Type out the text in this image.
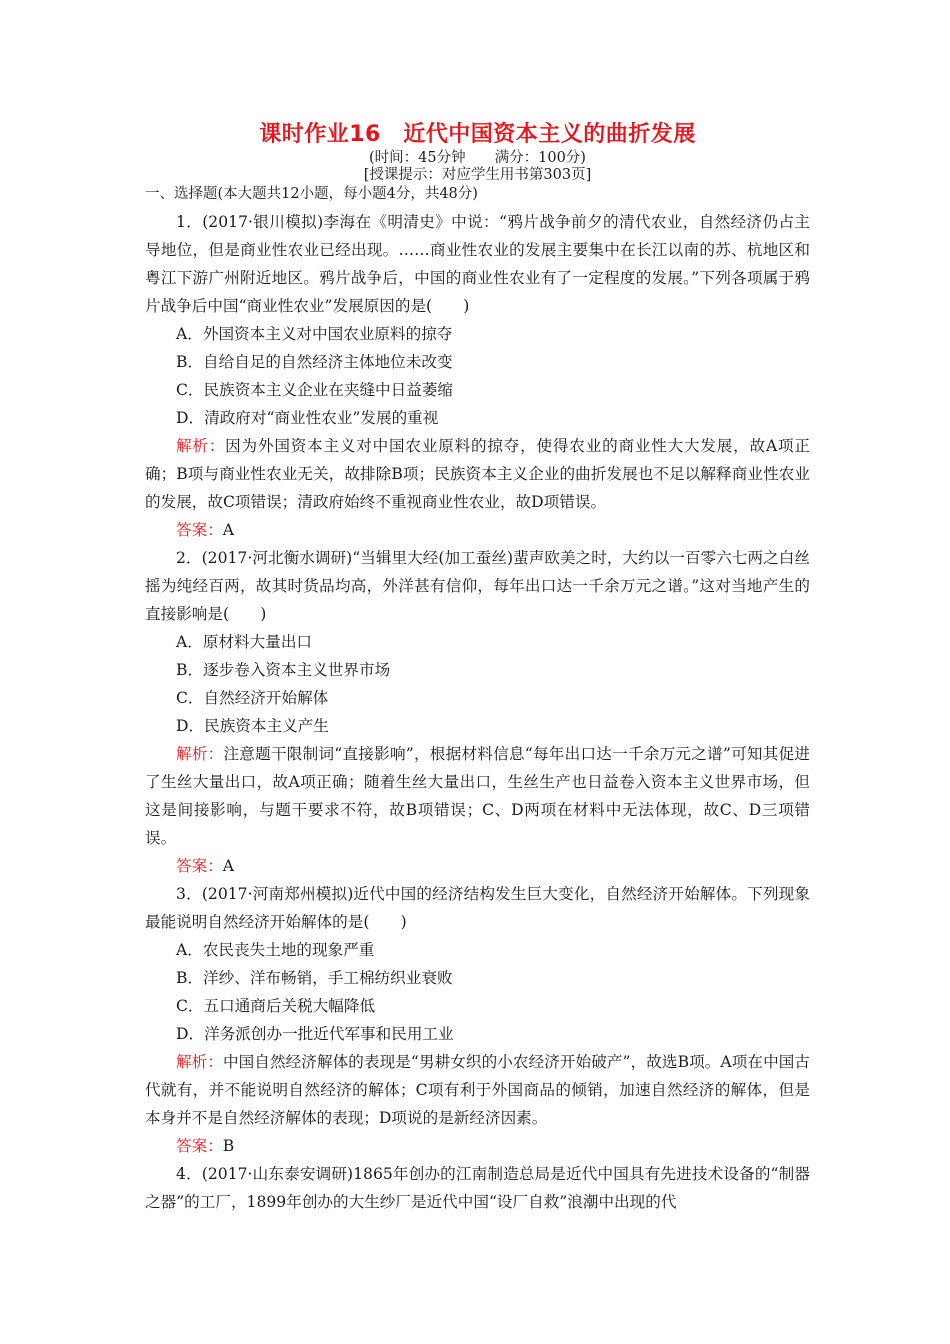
课时作业16　近代中国资本主义的曲折发展
(时间：45分钟　　满分：100分)
[授课提示：对应学生用书第303页]
一、选择题(本大题共12小题，每小题4分，共48分)

1．(2017·银川模拟)李海在《明清史》中说：“鸦片战争前夕的清代农业，自然经济仍占主导地位，但是商业性农业已经出现。……商业性农业的发展主要集中在长江以南的苏、杭地区和粤江下游广州附近地区。鸦片战争后，中国的商业性农业有了一定程度的发展。”下列各项属于鸦片战争后中国“商业性农业”发展原因的是(　　)

A．外国资本主义对中国农业原料的掠夺

B．自给自足的自然经济主体地位未改变

C．民族资本主义企业在夹缝中日益萎缩

D．清政府对“商业性农业”发展的重视

解析：因为外国资本主义对中国农业原料的掠夺，使得农业的商业性大大发展，故A项正确；B项与商业性农业无关，故排除B项；民族资本主义企业的曲折发展也不足以解释商业性农业的发展，故C项错误；清政府始终不重视商业性农业，故D项错误。

答案：A

2．(2017·河北衡水调研)“当辑里大经(加工蚕丝)蜚声欧美之时，大约以一百零六七两之白丝摇为纯经百两，故其时货品均高，外洋甚有信仰，每年出口达一千余万元之谱。”这对当地产生的直接影响是(　　)

A．原材料大量出口

B．逐步卷入资本主义世界市场

C．自然经济开始解体

D．民族资本主义产生

解析：注意题干限制词“直接影响”，根据材料信息“每年出口达一千余万元之谱”可知其促进了生丝大量出口，故A项正确；随着生丝大量出口，生丝生产也日益卷入资本主义世界市场，但这是间接影响，与题干要求不符，故B项错误；C、D两项在材料中无法体现，故C、D三项错误。

答案：A

3．(2017·河南郑州模拟)近代中国的经济结构发生巨大变化，自然经济开始解体。下列现象最能说明自然经济开始解体的是(　　)

A．农民丧失土地的现象严重

B．洋纱、洋布畅销，手工棉纺织业衰败

C．五口通商后关税大幅降低

D．洋务派创办一批近代军事和民用工业

解析：中国自然经济解体的表现是“男耕女织的小农经济开始破产”，故选B项。A项在中国古代就有，并不能说明自然经济的解体；C项有利于外国商品的倾销，加速自然经济的解体，但是本身并不是自然经济解体的表现；D项说的是新经济因素。

答案：B

4．(2017·山东泰安调研)1865年创办的江南制造总局是近代中国具有先进技术设备的“制器之器”的工厂，1899年创办的大生纱厂是近代中国“设厂自救”浪潮中出现的代
